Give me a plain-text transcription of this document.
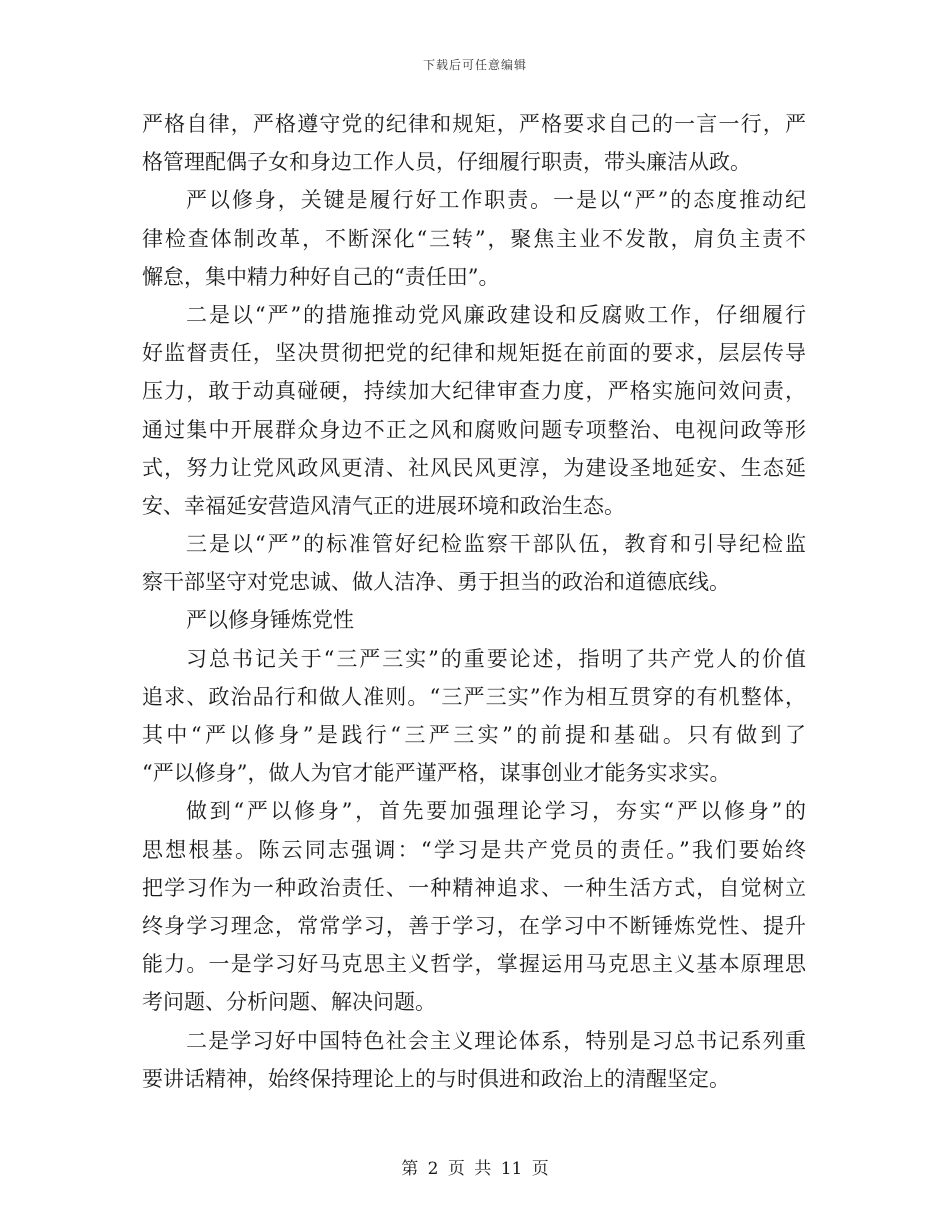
下载后可任意编辑
严格自律，严格遵守党的纪律和规矩，严格要求自己的一言一行，严
格管理配偶子女和身边工作人员，仔细履行职责，带头廉洁从政。
严以修身，关键是履行好工作职责。一是以“严”的态度推动纪
律检查体制改革，不断深化“三转”，聚焦主业不发散，肩负主责不
懈怠，集中精力种好自己的“责任田”。
二是以“严”的措施推动党风廉政建设和反腐败工作，仔细履行
好监督责任，坚决贯彻把党的纪律和规矩挺在前面的要求，层层传导
压力，敢于动真碰硬，持续加大纪律审查力度，严格实施问效问责，
通过集中开展群众身边不正之风和腐败问题专项整治、电视问政等形
式，努力让党风政风更清、社风民风更淳，为建设圣地延安、生态延
安、幸福延安营造风清气正的进展环境和政治生态。
三是以“严”的标准管好纪检监察干部队伍，教育和引导纪检监
察干部坚守对党忠诚、做人洁净、勇于担当的政治和道德底线。
严以修身锤炼党性
习总书记关于“三严三实”的重要论述，指明了共产党人的价值
追求、政治品行和做人准则。“三严三实”作为相互贯穿的有机整体，
其中“严以修身”是践行“三严三实”的前提和基础。只有做到了
“严以修身”，做人为官才能严谨严格，谋事创业才能务实求实。
做到“严以修身”，首先要加强理论学习，夯实“严以修身”的
思想根基。陈云同志强调：“学习是共产党员的责任。”我们要始终
把学习作为一种政治责任、一种精神追求、一种生活方式，自觉树立
终身学习理念，常常学习，善于学习，在学习中不断锤炼党性、提升
能力。一是学习好马克思主义哲学，掌握运用马克思主义基本原理思
考问题、分析问题、解决问题。
二是学习好中国特色社会主义理论体系，特别是习总书记系列重
要讲话精神，始终保持理论上的与时俱进和政治上的清醒坚定。
第 2 页 共 11 页
